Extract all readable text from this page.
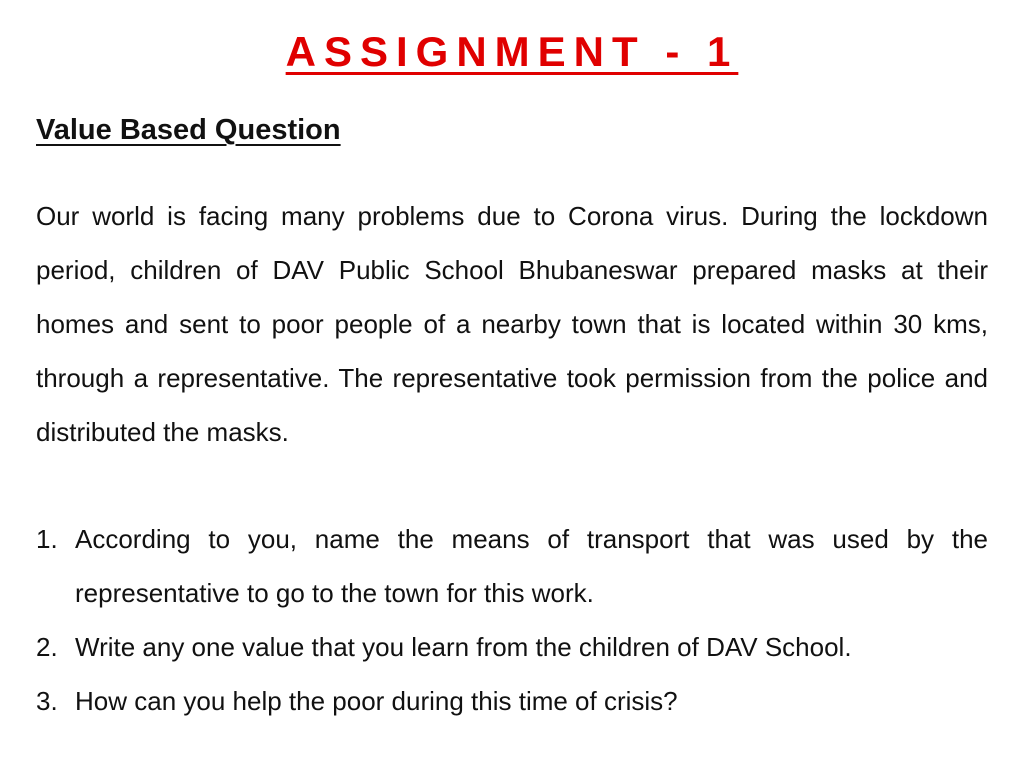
ASSIGNMENT - 1
Value Based Question

Our world is facing many problems due to Corona virus. During the lockdown period, children of DAV Public School Bhubaneswar prepared masks at their homes and sent to poor people of a nearby town that is located within 30 kms, through a representative. The representative took permission from the police and distributed the masks.

1. According to you, name the means of transport that was used by the representative to go to the town for this work.
2. Write any one value that you learn from the children of DAV School.
3. How can you help the poor during this time of crisis?
